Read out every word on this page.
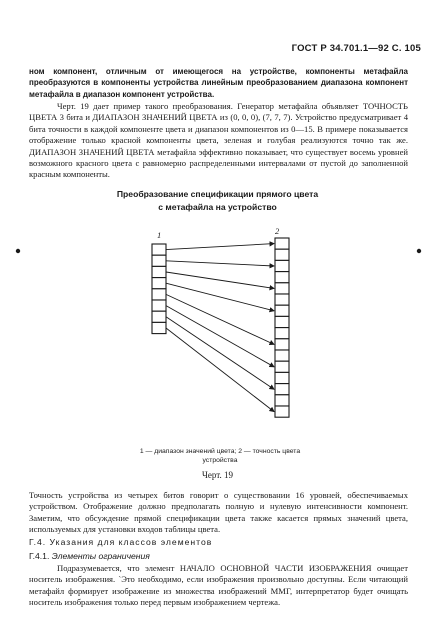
ГОСТ Р 34.701.1—92 С. 105

ном компонент, отличным от имеющегося на устройстве, компоненты метафайла преобразуются в компоненты устройства линейным преобразованием диапазона компонент метафайла в диапазон компонент устройства.

Черт. 19 дает пример такого преобразования. Генератор метафайла объявляет ТОЧНОСТЬ ЦВЕТА 3 бита и ДИАПАЗОН ЗНАЧЕНИЙ ЦВЕТА из (0, 0, 0), (7, 7, 7). Устройство предусматривает 4 бита точности в каждой компоненте цвета и диапазон компонентов из 0—15. В примере показывается отображение только красной компоненты цвета, зеленая и голубая реализуются точно так же. ДИАПАЗОН ЗНАЧЕНИЙ ЦВЕТА метафайла эффективно показывает, что существует восемь уровней возможного красного цвета с равномерно распределенными интервалами от пустой до заполненной красным компоненты.

Преобразование спецификации прямого цвета
с метафайла на устройство
1	2
1 — диапазон значений цвета; 2 — точность цвета устройства
Черт. 19

Точность устройства из четырех битов говорит о существовании 16 уровней, обеспечиваемых устройством. Отображение должно предполагать полную и нулевую интенсивности компонент. Заметим, что обсуждение прямой спецификации цвета также касается прямых значений цвета, используемых для установки входов таблицы цвета.

Г.4. Указания для классов элементов
Г.4.1. Элементы ограничения

Подразумевается, что элемент НАЧАЛО ОСНОВНОЙ ЧАСТИ ИЗОБРАЖЕНИЯ очищает носитель изображения. `Это необходимо, если изображения произвольно доступны. Если читающий метафайл формирует изображение из множества изображений ММГ, интерпретатор будет очищать носитель изображения только перед первым изображением чертежа.
